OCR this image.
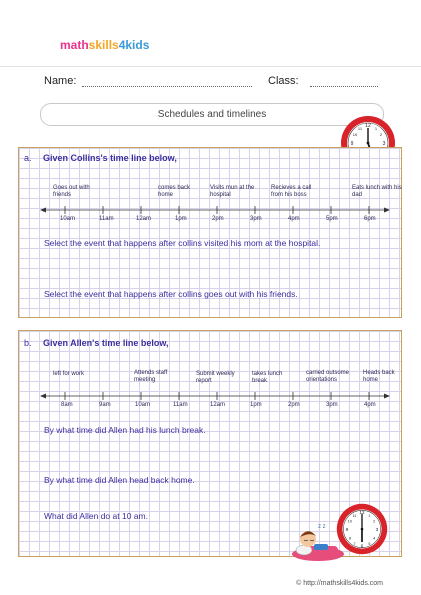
mathskills4kids
Name:	Class:
Schedules and timelines
12
3
9
1
2
10
11
a. Given Collins's time line below,
Goes out with friends
comes back home
Visits mun at the hospital
Recieves a call from his boss
Eats lunch with his dad
10am	11am	12am	1pm	2pm	3pm	4pm	5pm	6pm
Select the event that happens after collins visited his mom at the hospital.
Select the event that happens after collins goes out with his friends.
b. Given Allen's time line below,
left for work	Attends staff meeting
Submit weekly report
takes lunch break
carried outsome orientations
Heads back home
8am	9am	10am	11am	12am	1pm	2pm	3pm	4pm
By what time did Allen had his lunch break.
By what time did Allen head back home.
What did Allen do at 10 am.
z z
12
3
6
9
1
2
4
5
7
8
10
11
© http://mathskills4kids.com
